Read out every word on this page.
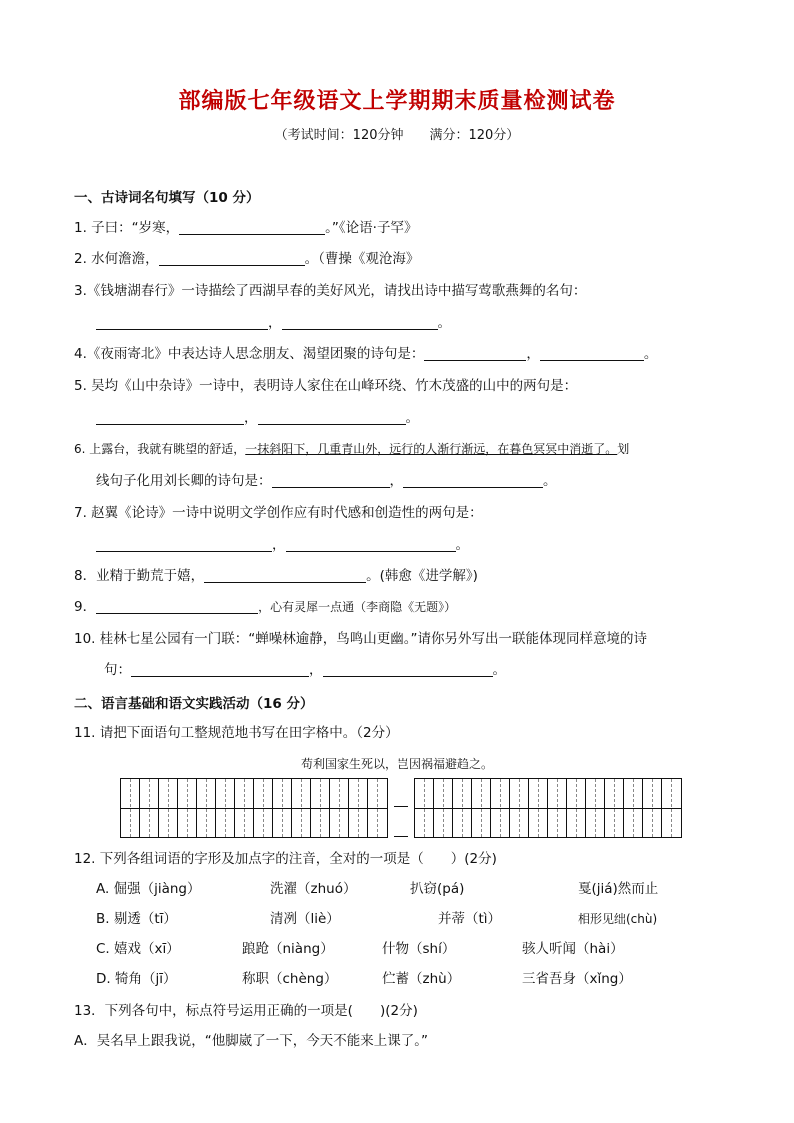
部编版七年级语文上学期期末质量检测试卷
（考试时间：120分钟　　满分：120分）
一、古诗词名句填写（10 分）
1. 子曰：“岁寒，	。”《论语·子罕》
2. 水何澹澹，	。（曹操《观沧海》
3.《钱塘湖春行》一诗描绘了西湖早春的美好风光，请找出诗中描写莺歌燕舞的名句：
，	。
4.《夜雨寄北》中表达诗人思念朋友、渴望团聚的诗句是：	，	。
5. 吴均《山中杂诗》一诗中，表明诗人家住在山峰环绕、竹木茂盛的山中的两句是：
，	。
6. 上露台，我就有眺望的舒适，一抹斜阳下，几重青山外，远行的人渐行渐远，在暮色冥冥中消逝了。划
线句子化用刘长卿的诗句是：	，	。
7. 赵翼《论诗》一诗中说明文学创作应有时代感和创造性的两句是：
，	。
8．业精于勤荒于嬉，	。(韩愈《进学解》)
9．	，心有灵犀一点通（李商隐《无题》）
10. 桂林七星公园有一门联：“蝉噪林逾静，鸟鸣山更幽。”请你另外写出一联能体现同样意境的诗
句：	，	。
二、语言基础和语文实践活动（16 分）
11. 请把下面语句工整规范地书写在田字格中。（2分）
苟利国家生死以，岂因祸福避趋之。
12. 下列各组词语的字形及加点字的注音，全对的一项是（　　）(2分)
A. 倔强（jiàng）	洗濯（zhuó）	扒窃(pá)	戛(jiá)然而止
B. 剔透（tī）	清冽（liè）	并蒂（tì）	相形见绌(chù)
C. 嬉戏（xī）	踉跄（niàng）	什物（shí）	骇人听闻（hài）
D. 犄角（jī）	称职（chèng）	伫蓄（zhù）	三省吾身（xǐng）
13．下列各句中，标点符号运用正确的一项是(　　)(2分)
A．吴名早上跟我说，“他脚崴了一下，今天不能来上课了。”
